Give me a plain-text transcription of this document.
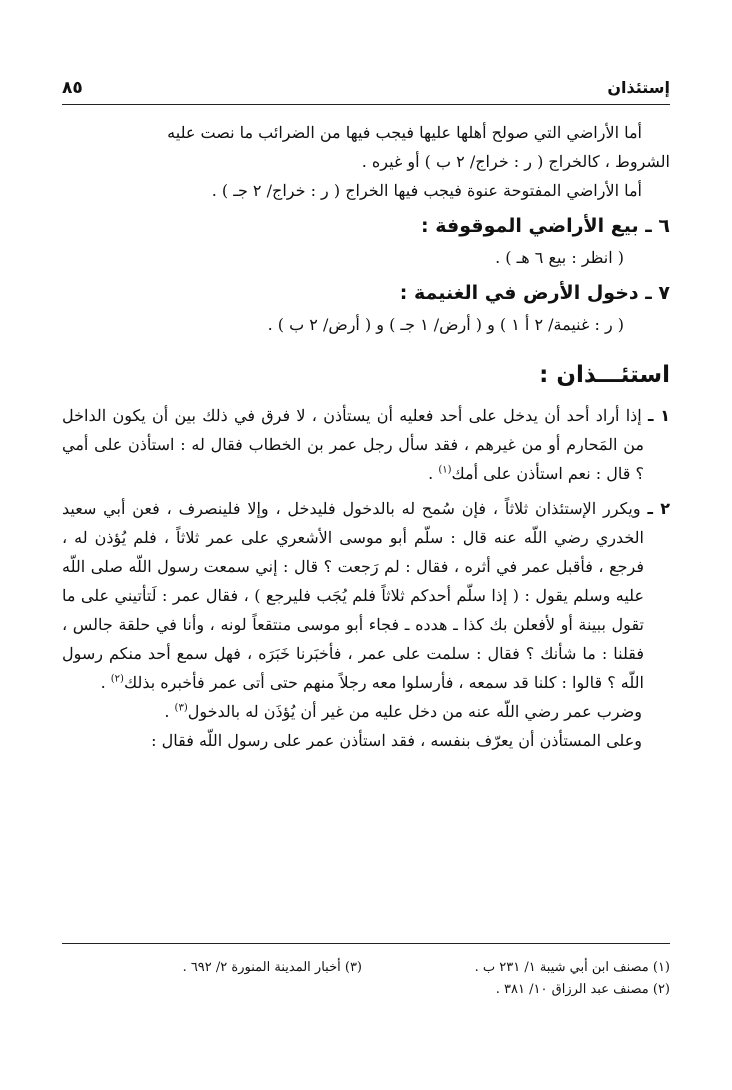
إستئذان
٨٥

أما الأراضي التي صولح أهلها عليها فيجب فيها من الضرائب ما نصت عليه

الشروط ، كالخراج ( ر : خراج/ ٢ ب ) أو غيره .

أما الأراضي المفتوحة عنوة فيجب فيها الخراج ( ر : خراج/ ٢ جـ ) .

٦ ـ بيع الأراضي الموقوفة :

( انظر : بيع ٦ هـ ) .

٧ ـ دخول الأرض في الغنيمة :

( ر : غنيمة/ ٢ أ ١ ) و ( أرض/ ١ جـ ) و ( أرض/ ٢ ب ) .

استئـــذان :

١ ـ إذا أراد أحد أن يدخل على أحد فعليه أن يستأذن ، لا فرق في ذلك بين أن يكون الداخل من المَحارم أو من غيرهم ، فقد سأل رجل عمر بن الخطاب فقال له : استأذن على أمي ؟ قال : نعم استأذن على أمك$^{(١)}$ .

٢ ـ ويكرر الإستئذان ثلاثاً ، فإن سُمح له بالدخول فليدخل ، وإلا فلينصرف ، فعن أبي سعيد الخدري رضي اللّه عنه قال : سلّم أبو موسى الأشعري على عمر ثلاثاً ، فلم يُؤذن له ، فرجع ، فأقبل عمر في أثره ، فقال : لم رَجعت ؟ قال : إني سمعت رسول اللّه صلى اللّه عليه وسلم يقول : ( إذا سلّم أحدكم ثلاثاً فلم يُجَب فليرجع ) ، فقال عمر : لَتأتيني على ما تقول ببينة أو لأفعلن بك كذا ـ هدده ـ فجاء أبو موسى منتقعاً لونه ، وأنا في حلقة جالس ، فقلنا : ما شأنك ؟ فقال : سلمت على عمر ، فأخبَرنا خَبَرَه ، فهل سمع أحد منكم رسول اللّه ؟ قالوا : كلنا قد سمعه ، فأرسلوا معه رجلاً منهم حتى أتى عمر فأخبره بذلك$^{(٢)}$ .

وضرب عمر رضي اللّه عنه من دخل عليه من غير أن يُؤذَن له بالدخول$^{(٣)}$ .

وعلى المستأذن أن يعرّف بنفسه ، فقد استأذن عمر على رسول اللّه فقال :

(١) مصنف ابن أبي شيبة ١/ ٢٣١ ب .

(٢) مصنف عبد الرزاق ١٠/ ٣٨١ .

(٣) أخبار المدينة المنورة ٢/ ٦٩٢ .
